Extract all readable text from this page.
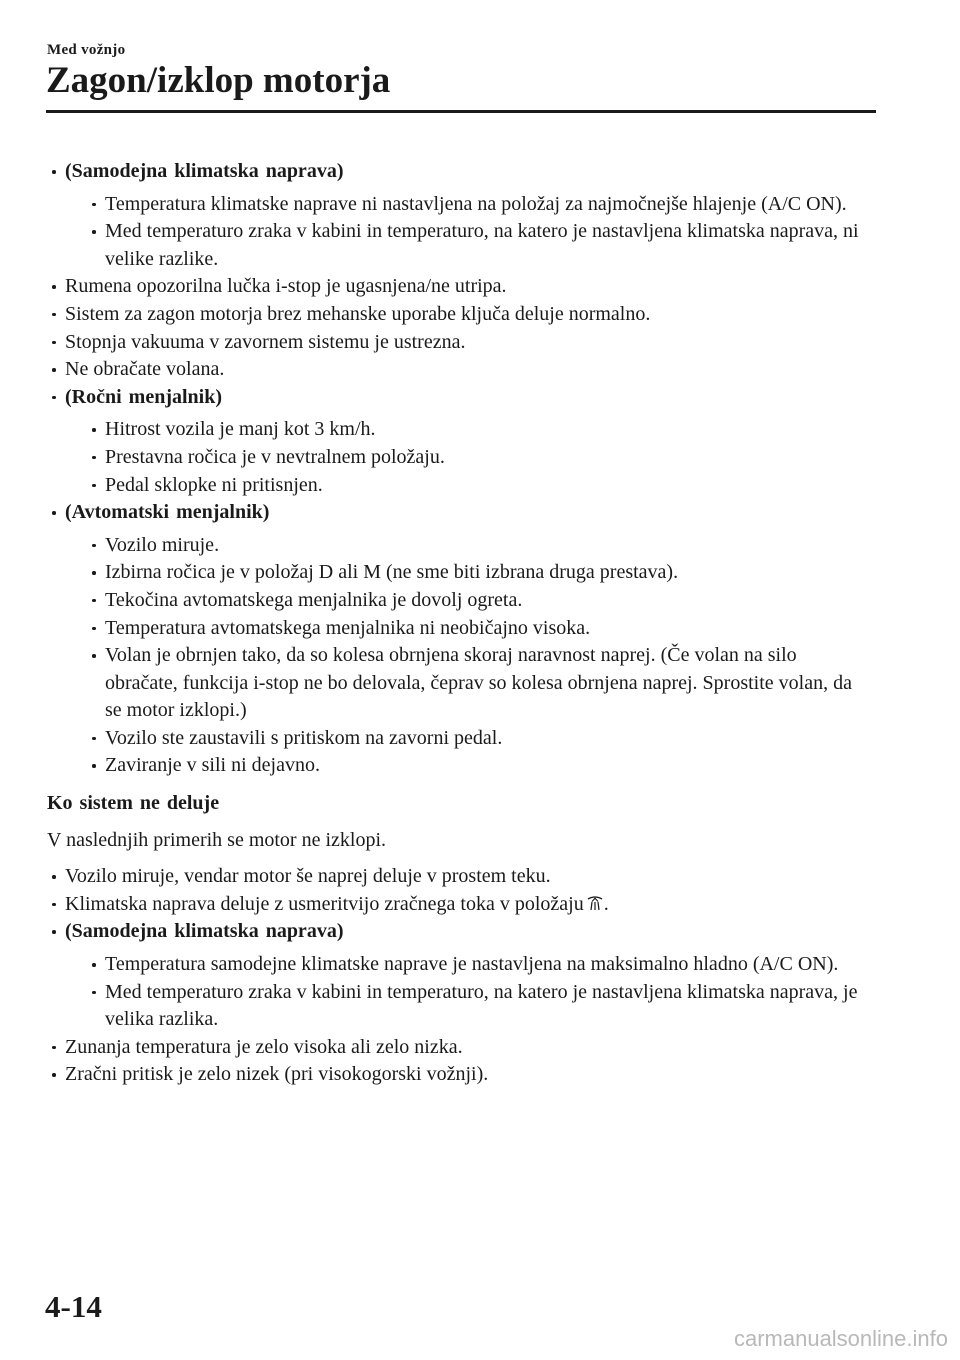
Med vožnjo
Zagon/izklop motorja
(Samodejna klimatska naprava)
Temperatura klimatske naprave ni nastavljena na položaj za najmočnejše hlajenje (A/C ON).
Med temperaturo zraka v kabini in temperaturo, na katero je nastavljena klimatska naprava, ni velike razlike.
Rumena opozorilna lučka i-stop je ugasnjena/ne utripa.
Sistem za zagon motorja brez mehanske uporabe ključa deluje normalno.
Stopnja vakuuma v zavornem sistemu je ustrezna.
Ne obračate volana.
(Ročni menjalnik)
Hitrost vozila je manj kot 3 km/h.
Prestavna ročica je v nevtralnem položaju.
Pedal sklopke ni pritisnjen.
(Avtomatski menjalnik)
Vozilo miruje.
Izbirna ročica je v položaj D ali M (ne sme biti izbrana druga prestava).
Tekočina avtomatskega menjalnika je dovolj ogreta.
Temperatura avtomatskega menjalnika ni neobičajno visoka.
Volan je obrnjen tako, da so kolesa obrnjena skoraj naravnost naprej. (Če volan na silo obračate, funkcija i-stop ne bo delovala, čeprav so kolesa obrnjena naprej. Sprostite volan, da se motor izklopi.)
Vozilo ste zaustavili s pritiskom na zavorni pedal.
Zaviranje v sili ni dejavno.
Ko sistem ne deluje
V naslednjih primerih se motor ne izklopi.
Vozilo miruje, vendar motor še naprej deluje v prostem teku.
Klimatska naprava deluje z usmeritvijo zračnega toka v položaju .
(Samodejna klimatska naprava)
Temperatura samodejne klimatske naprave je nastavljena na maksimalno hladno (A/C ON).
Med temperaturo zraka v kabini in temperaturo, na katero je nastavljena klimatska naprava, je velika razlika.
Zunanja temperatura je zelo visoka ali zelo nizka.
Zračni pritisk je zelo nizek (pri visokogorski vožnji).
4-14
carmanualsonline.info
